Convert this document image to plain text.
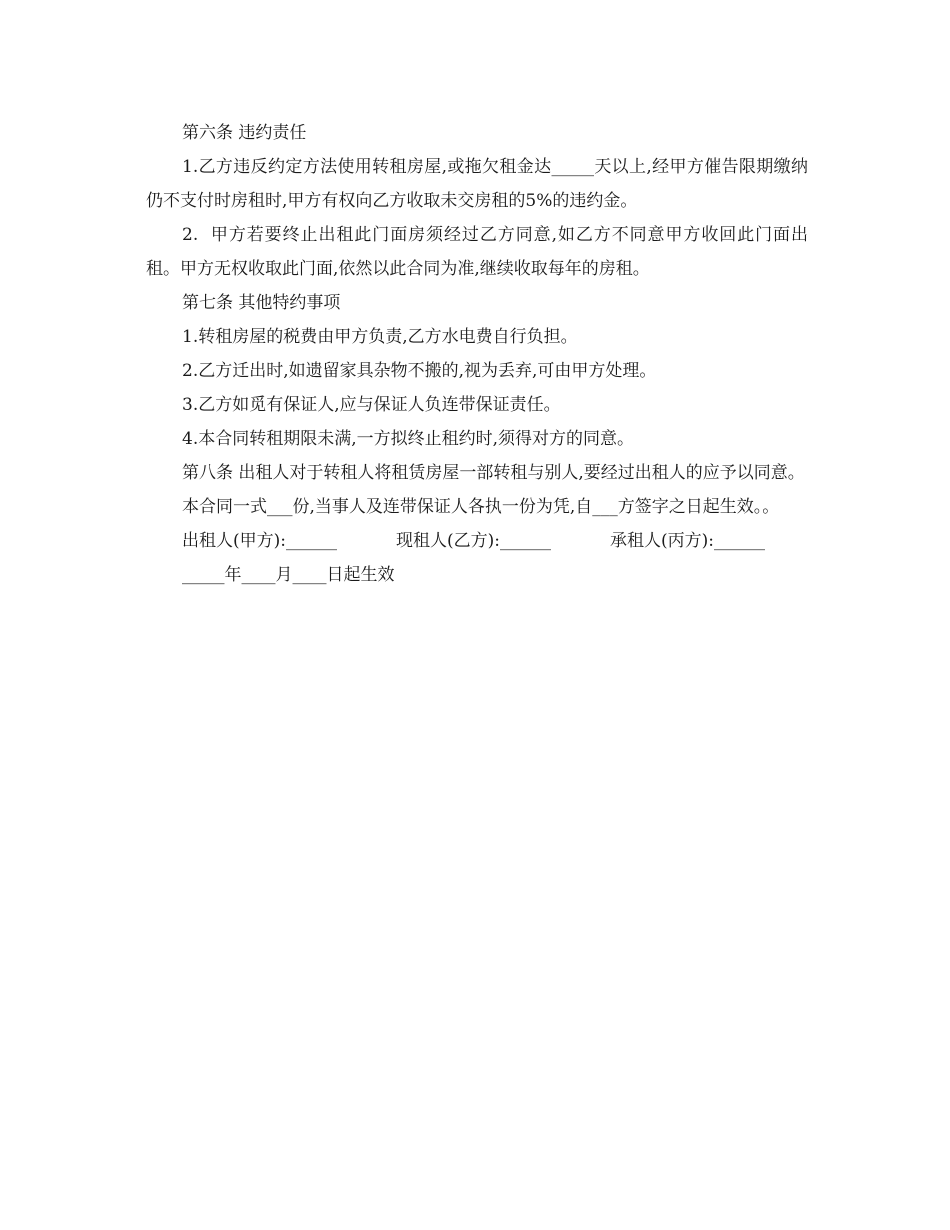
第六条 违约责任

1.乙方违反约定方法使用转租房屋,或拖欠租金达_____天以上,经甲方催告限期缴纳仍不支付时房租时,甲方有权向乙方收取未交房租的5%的违约金。

2.  甲方若要终止出租此门面房须经过乙方同意,如乙方不同意甲方收回此门面出租。甲方无权收取此门面,依然以此合同为准,继续收取每年的房租。

第七条 其他特约事项

1.转租房屋的税费由甲方负责,乙方水电费自行负担。

2.乙方迁出时,如遗留家具杂物不搬的,视为丢弃,可由甲方处理。

3.乙方如觅有保证人,应与保证人负连带保证责任。

4.本合同转租期限未满,一方拟终止租约时,须得对方的同意。

第八条 出租人对于转租人将租赁房屋一部转租与别人,要经过出租人的应予以同意。

本合同一式___份,当事人及连带保证人各执一份为凭,自___方签字之日起生效。。

出租人(甲方):______	现租人(乙方):______	承租人(丙方):______

_____年____月____日起生效
